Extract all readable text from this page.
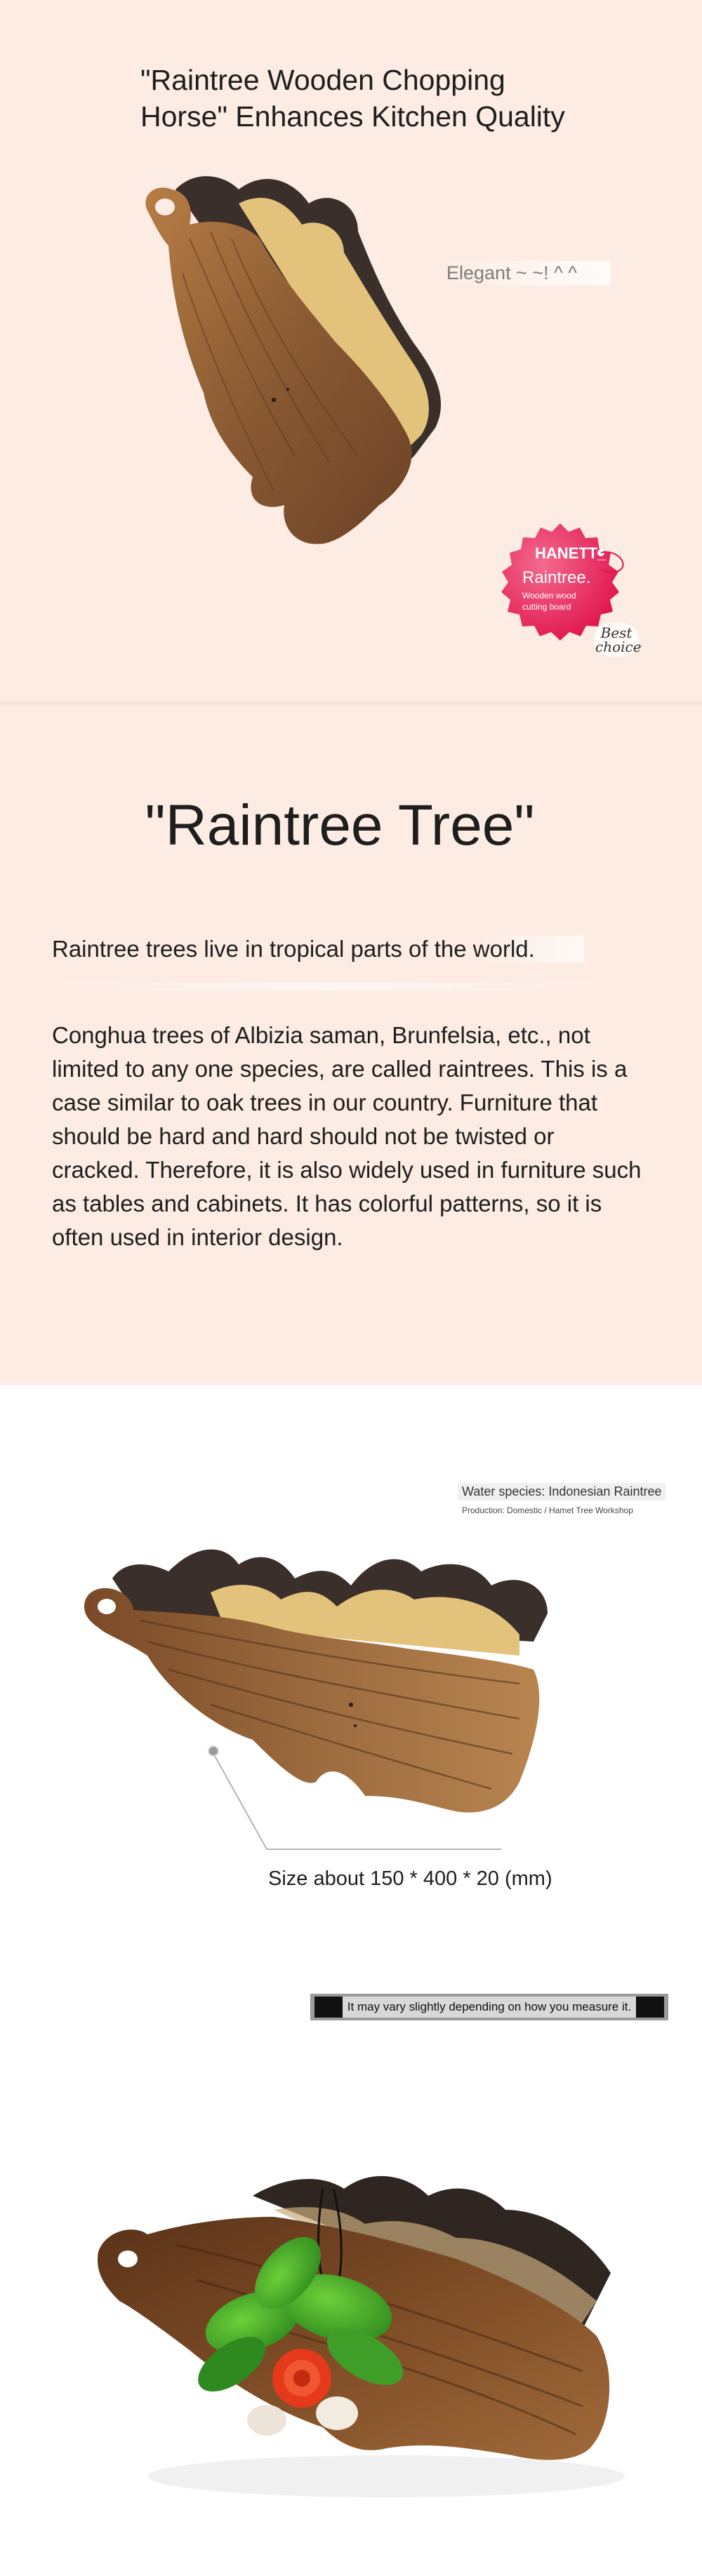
"Raintree Wooden Chopping Horse" Enhances Kitchen Quality
Elegant ~ ~! ^ ^
HANETT_
Raintree.
Wooden wood
cutting board
Best
choice
"Raintree Tree"
Raintree trees live in tropical parts of the world.

Conghua trees of Albizia saman, Brunfelsia, etc., not limited to any one species, are called raintrees. This is a case similar to oak trees in our country. Furniture that should be hard and hard should not be twisted or cracked. Therefore, it is also widely used in furniture such as tables and cabinets. It has colorful patterns, so it is often used in interior design.

Water species: Indonesian Raintree
Production: Domestic / Hamet Tree Workshop
Size about 150 * 400 * 20 (mm)
It may vary slightly depending on how you measure it.
